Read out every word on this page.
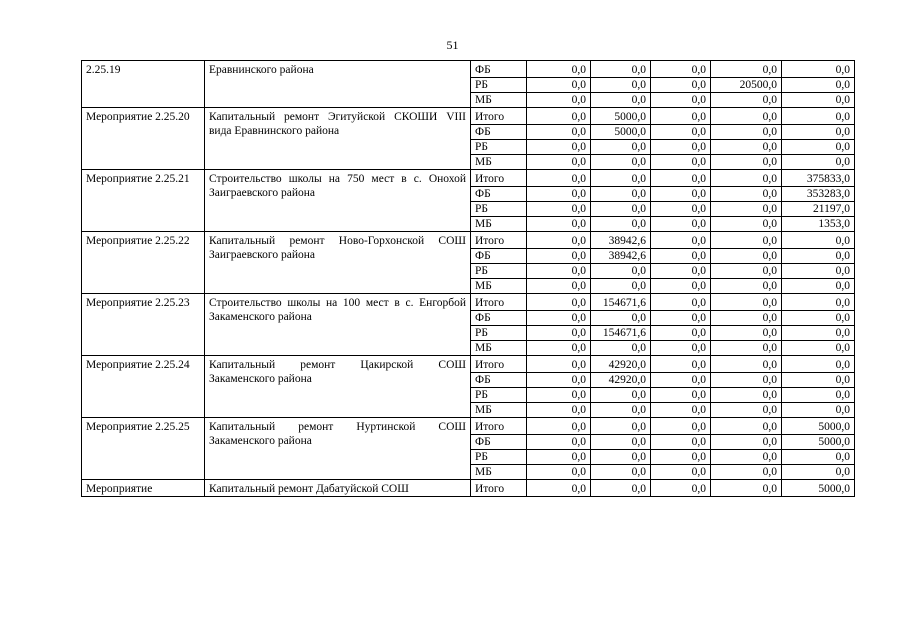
51
2.25.19	Еравнинского района	ФБ	0,0	0,0	0,0	0,0	0,0
		РБ	0,0	0,0	0,0	20500,0	0,0
		МБ	0,0	0,0	0,0	0,0	0,0
Мероприятие 2.25.20	Капитальный ремонт Эгитуйской СКОШИ VIII вида Еравнинского района	Итого	0,0	5000,0	0,0	0,0	0,0
		ФБ	0,0	5000,0	0,0	0,0	0,0
		РБ	0,0	0,0	0,0	0,0	0,0
		МБ	0,0	0,0	0,0	0,0	0,0
Мероприятие 2.25.21	Строительство школы на 750 мест в с. Онохой Заиграевского района	Итого	0,0	0,0	0,0	0,0	375833,0
		ФБ	0,0	0,0	0,0	0,0	353283,0
		РБ	0,0	0,0	0,0	0,0	21197,0
		МБ	0,0	0,0	0,0	0,0	1353,0
Мероприятие 2.25.22	Капитальный ремонт Ново-Горхонской СОШ Заиграевского района	Итого	0,0	38942,6	0,0	0,0	0,0
		ФБ	0,0	38942,6	0,0	0,0	0,0
		РБ	0,0	0,0	0,0	0,0	0,0
		МБ	0,0	0,0	0,0	0,0	0,0
Мероприятие 2.25.23	Строительство школы на 100 мест в с. Енгорбой Закаменского района	Итого	0,0	154671,6	0,0	0,0	0,0
		ФБ	0,0	0,0	0,0	0,0	0,0
		РБ	0,0	154671,6	0,0	0,0	0,0
		МБ	0,0	0,0	0,0	0,0	0,0
Мероприятие 2.25.24	Капитальный ремонт Цакирской СОШ Закаменского района	Итого	0,0	42920,0	0,0	0,0	0,0
		ФБ	0,0	42920,0	0,0	0,0	0,0
		РБ	0,0	0,0	0,0	0,0	0,0
		МБ	0,0	0,0	0,0	0,0	0,0
Мероприятие 2.25.25	Капитальный ремонт Нуртинской СОШ Закаменского района	Итого	0,0	0,0	0,0	0,0	5000,0
		ФБ	0,0	0,0	0,0	0,0	5000,0
		РБ	0,0	0,0	0,0	0,0	0,0
		МБ	0,0	0,0	0,0	0,0	0,0
Мероприятие	Капитальный ремонт Дабатуйской СОШ	Итого	0,0	0,0	0,0	0,0	5000,0
